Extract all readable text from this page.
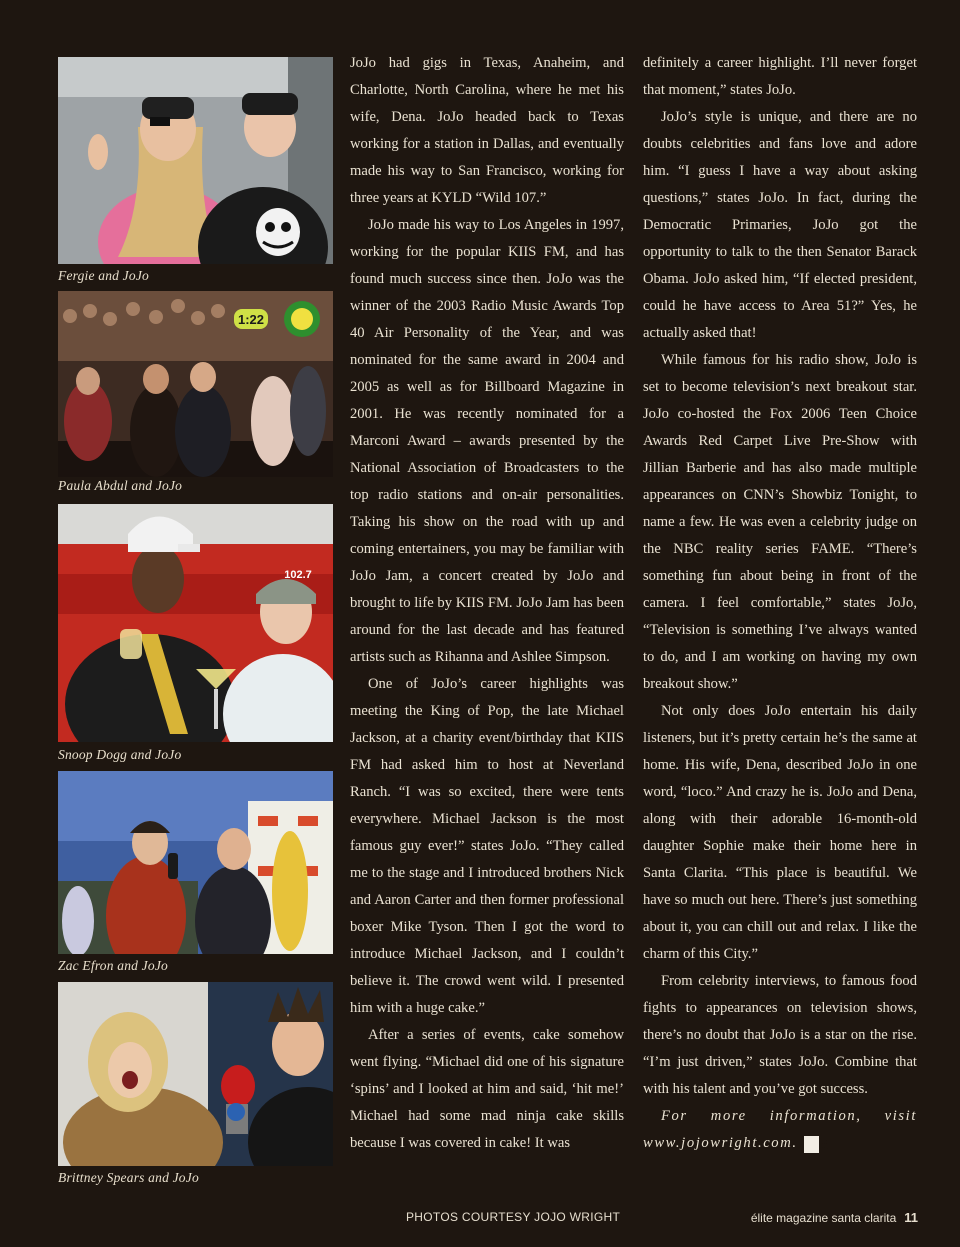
Fergie and JoJo
1:22
Paula Abdul and JoJo
102.7
Snoop Dogg and JoJo
Zac Efron and JoJo
Brittney Spears and JoJo

JoJo had gigs in Texas, Anaheim, and Charlotte, North Carolina, where he met his wife, Dena. JoJo headed back to Texas working for a station in Dallas, and eventually made his way to San Francisco, working for three years at KYLD “Wild 107.”

JoJo made his way to Los Angeles in 1997, working for the popular KIIS FM, and has found much success since then. JoJo was the winner of the 2003 Radio Music Awards Top 40 Air Personality of the Year, and was nominated for the same award in 2004 and 2005 as well as for Billboard Magazine in 2001. He was recently nominated for a Marconi Award – awards presented by the National Association of Broadcasters to the top radio stations and on-air personalities. Taking his show on the road with up and coming entertainers, you may be familiar with JoJo Jam, a concert created by JoJo and brought to life by KIIS FM. JoJo Jam has been around for the last decade and has featured artists such as Rihanna and Ashlee Simpson.

One of JoJo’s career highlights was meeting the King of Pop, the late Michael Jackson, at a charity event/birthday that KIIS FM had asked him to host at Neverland Ranch. “I was so excited, there were tents everywhere. Michael Jackson is the most famous guy ever!” states JoJo. “They called me to the stage and I introduced brothers Nick and Aaron Carter and then former professional boxer Mike Tyson. Then I got the word to introduce Michael Jackson, and I couldn’t believe it. The crowd went wild. I presented him with a huge cake.”

After a series of events, cake somehow went flying. “Michael did one of his signature ‘spins’ and I looked at him and said, ‘hit me!’ Michael had some mad ninja cake skills because I was covered in cake! It was

definitely a career highlight. I’ll never forget that moment,” states JoJo.

JoJo’s style is unique, and there are no doubts celebrities and fans love and adore him. “I guess I have a way about asking questions,” states JoJo. In fact, during the Democratic Primaries, JoJo got the opportunity to talk to the then Senator Barack Obama. JoJo asked him, “If elected president, could he have access to Area 51?” Yes, he actually asked that!

While famous for his radio show, JoJo is set to become television’s next breakout star. JoJo co-hosted the Fox 2006 Teen Choice Awards Red Carpet Live Pre-Show with Jillian Barberie and has also made multiple appearances on CNN’s Showbiz Tonight, to name a few. He was even a celebrity judge on the NBC reality series FAME. “There’s something fun about being in front of the camera. I feel comfortable,” states JoJo, “Television is something I’ve always wanted to do, and I am working on having my own breakout show.”

Not only does JoJo entertain his daily listeners, but it’s pretty certain he’s the same at home. His wife, Dena, described JoJo in one word, “loco.” And crazy he is. JoJo and Dena, along with their adorable 16-month-old daughter Sophie make their home here in Santa Clarita. “This place is beautiful. We have so much out here. There’s just something about it, you can chill out and relax. I like the charm of this City.”

From celebrity interviews, to famous food fights to appearances on television shows, there’s no doubt that JoJo is a star on the rise. “I’m just driven,” states JoJo. Combine that with his talent and you’ve got success.

For more information, visit www.jojowright.com. é

PHOTOS COURTESY JOJO WRIGHT	élite magazine santa clarita 11
